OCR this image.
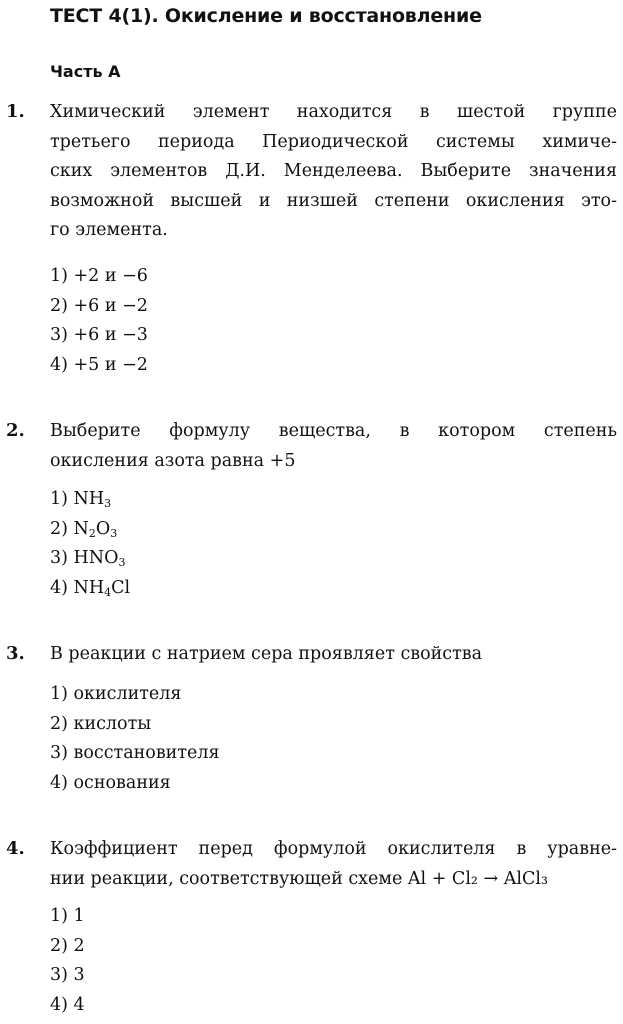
ТЕСТ 4(1). Окисление и восстановление
Часть А
1. Химический элемент находится в шестой группе
третьего периода Периодической системы химиче-
ских элементов Д.И. Менделеева. Выберите значения
возможной высшей и низшей степени окисления это-
го элемента.
1) +2 и −6
2) +6 и −2
3) +6 и −3
4) +5 и −2
2. Выберите формулу вещества, в котором степень
окисления азота равна +5
1) $NH_3$
2) $N_2O_3$
3) $HNO_3$
4) $NH_4Cl$
3. В реакции с натрием сера проявляет свойства
1) окислителя
2) кислоты
3) восстановителя
4) основания
4. Коэффициент перед формулой окислителя в уравне-
нии реакции, соответствующей схеме Al + Cl₂ → AlCl₃
1) 1
2) 2
3) 3
4) 4
